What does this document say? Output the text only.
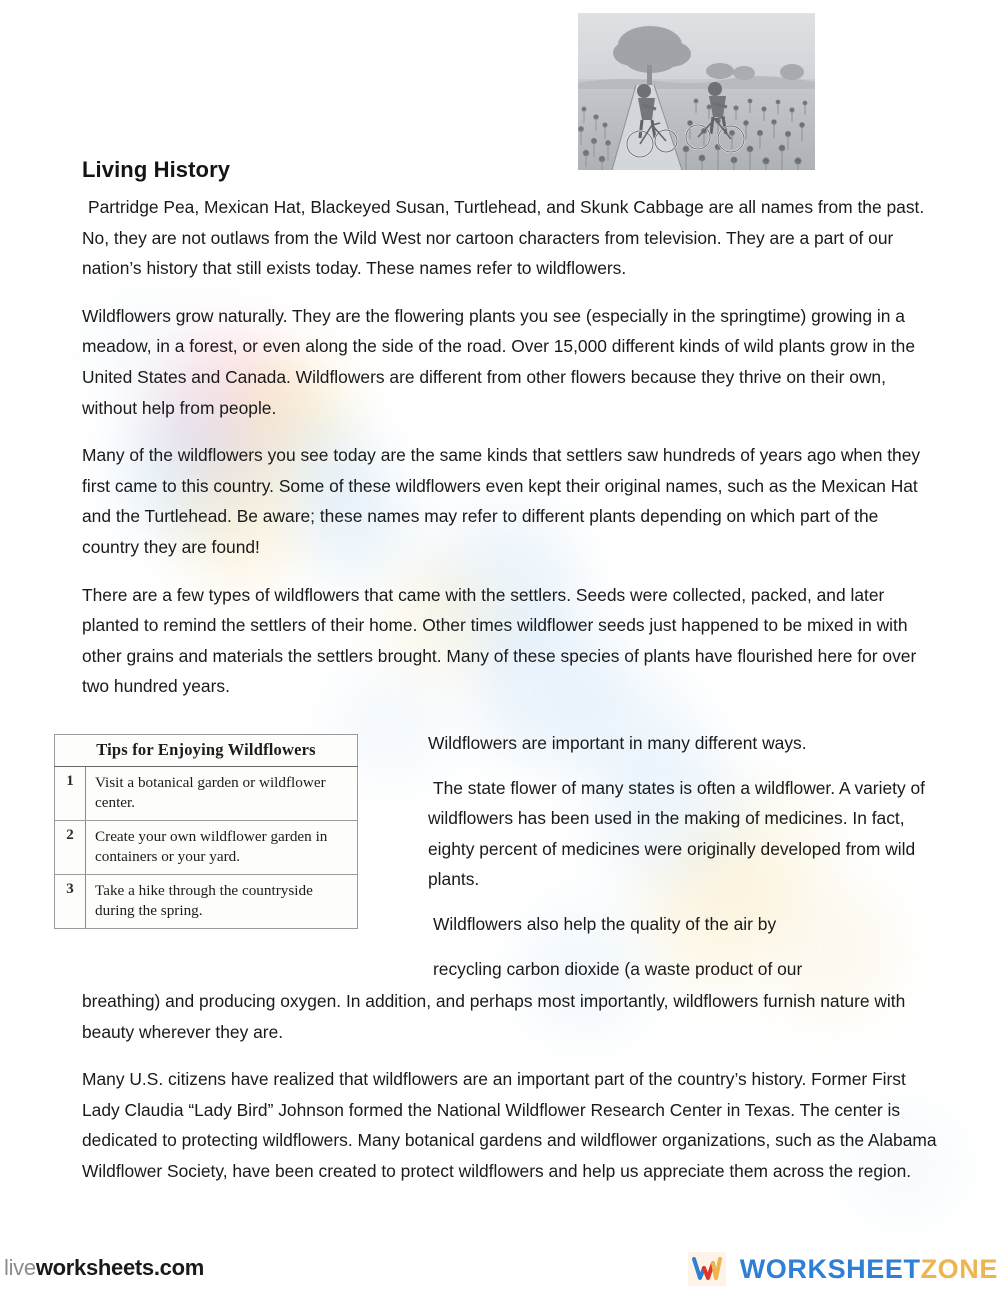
Living History

Partridge Pea, Mexican Hat, Blackeyed Susan, Turtlehead, and Skunk Cabbage are all names from the past. No, they are not outlaws from the Wild West nor cartoon characters from television. They are a part of our nation’s history that still exists today. These names refer to wildflowers.

Wildflowers grow naturally. They are the flowering plants you see (especially in the springtime) growing in a meadow, in a forest, or even along the side of the road. Over 15,000 different kinds of wild plants grow in the United States and Canada. Wildflowers are different from other flowers because they thrive on their own, without help from people.

Many of the wildflowers you see today are the same kinds that settlers saw hundreds of years ago when they first came to this country. Some of these wildflowers even kept their original names, such as the Mexican Hat and the Turtlehead. Be aware; these names may refer to different plants depending on which part of the country they are found!

There are a few types of wildflowers that came with the settlers. Seeds were collected, packed, and later planted to remind the settlers of their home. Other times wildflower seeds just happened to be mixed in with other grains and materials the settlers brought. Many of these species of plants have flourished here for over two hundred years.

Tips for Enjoying Wildflowers	
1	Visit a botanical garden or wildflower center.
2	Create your own wildflower garden in containers or your yard.
3	Take a hike through the countryside during the spring.

Wildflowers are important in many different ways.

The state flower of many states is often a wildflower. A variety of wildflowers has been used in the making of medicines. In fact, eighty percent of medicines were originally developed from wild plants.

Wildflowers also help the quality of the air by

recycling carbon dioxide (a waste product of our

breathing) and producing oxygen. In addition, and perhaps most importantly, wildflowers furnish nature with beauty wherever they are.

Many U.S. citizens have realized that wildflowers are an important part of the country’s history. Former First Lady Claudia “Lady Bird” Johnson formed the National Wildflower Research Center in Texas. The center is dedicated to protecting wildflowers. Many botanical gardens and wildflower organizations, such as the Alabama Wildflower Society, have been created to protect wildflowers and help us appreciate them across the region.

liveworksheets.com	WORKSHEETZONE
